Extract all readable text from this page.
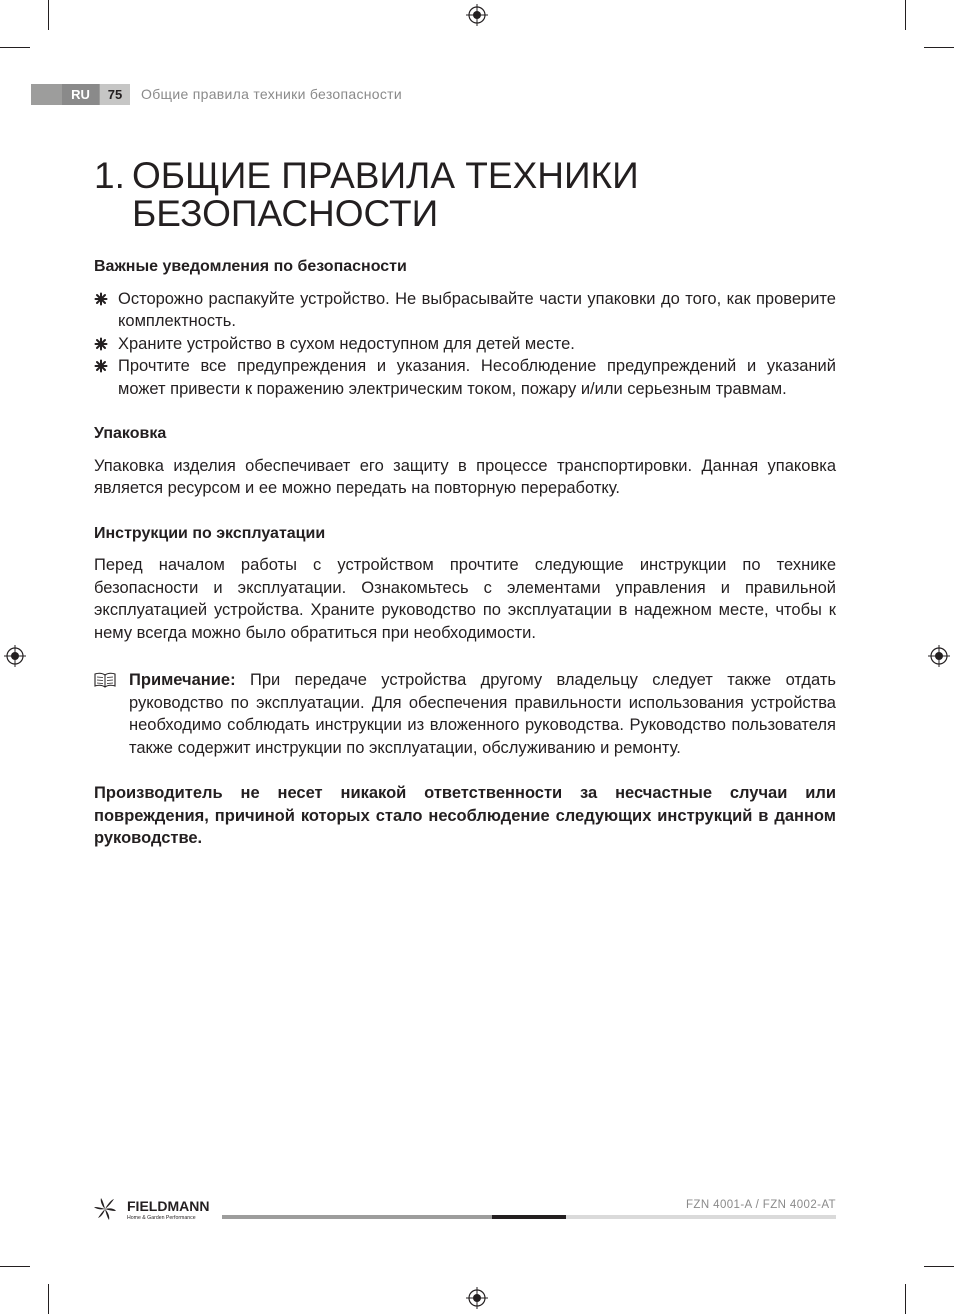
RU	75	Общие правила техники безопасности
1. ОБЩИЕ ПРАВИЛА ТЕХНИКИ
БЕЗОПАСНОСТИ
Важные уведомления по безопасности
Осторожно распакуйте устройство. Не выбрасывайте части упаковки до того, как проверите комплектность.
Храните устройство в сухом недоступном для детей месте.
Прочтите все предупреждения и указания. Несоблюдение предупреждений и указаний может привести к поражению электрическим током, пожару и/или серьезным травмам.
Упаковка

Упаковка изделия обеспечивает его защиту в процессе транспортировки. Данная упаковка является ресурсом и ее можно передать на повторную переработку.

Инструкции по эксплуатации

Перед началом работы с устройством прочтите следующие инструкции по технике безопасности и эксплуатации. Ознакомьтесь с элементами управления и правильной эксплуатацией устройства. Храните руководство по эксплуатации в надежном месте, чтобы к нему всегда можно было обратиться при необходимости.

Примечание: При передаче устройства другому владельцу следует также отдать руководство по эксплуатации. Для обеспечения правильности использования устройства необходимо соблюдать инструкции из вложенного руководства. Руководство пользователя также содержит инструкции по эксплуатации, обслуживанию и ремонту.

Производитель не несет никакой ответственности за несчастные случаи или повреждения, причиной которых стало несоблюдение следующих инструкций в данном руководстве.

FIELDMANN
Home & Garden Performance
FZN 4001-A / FZN 4002-AT
